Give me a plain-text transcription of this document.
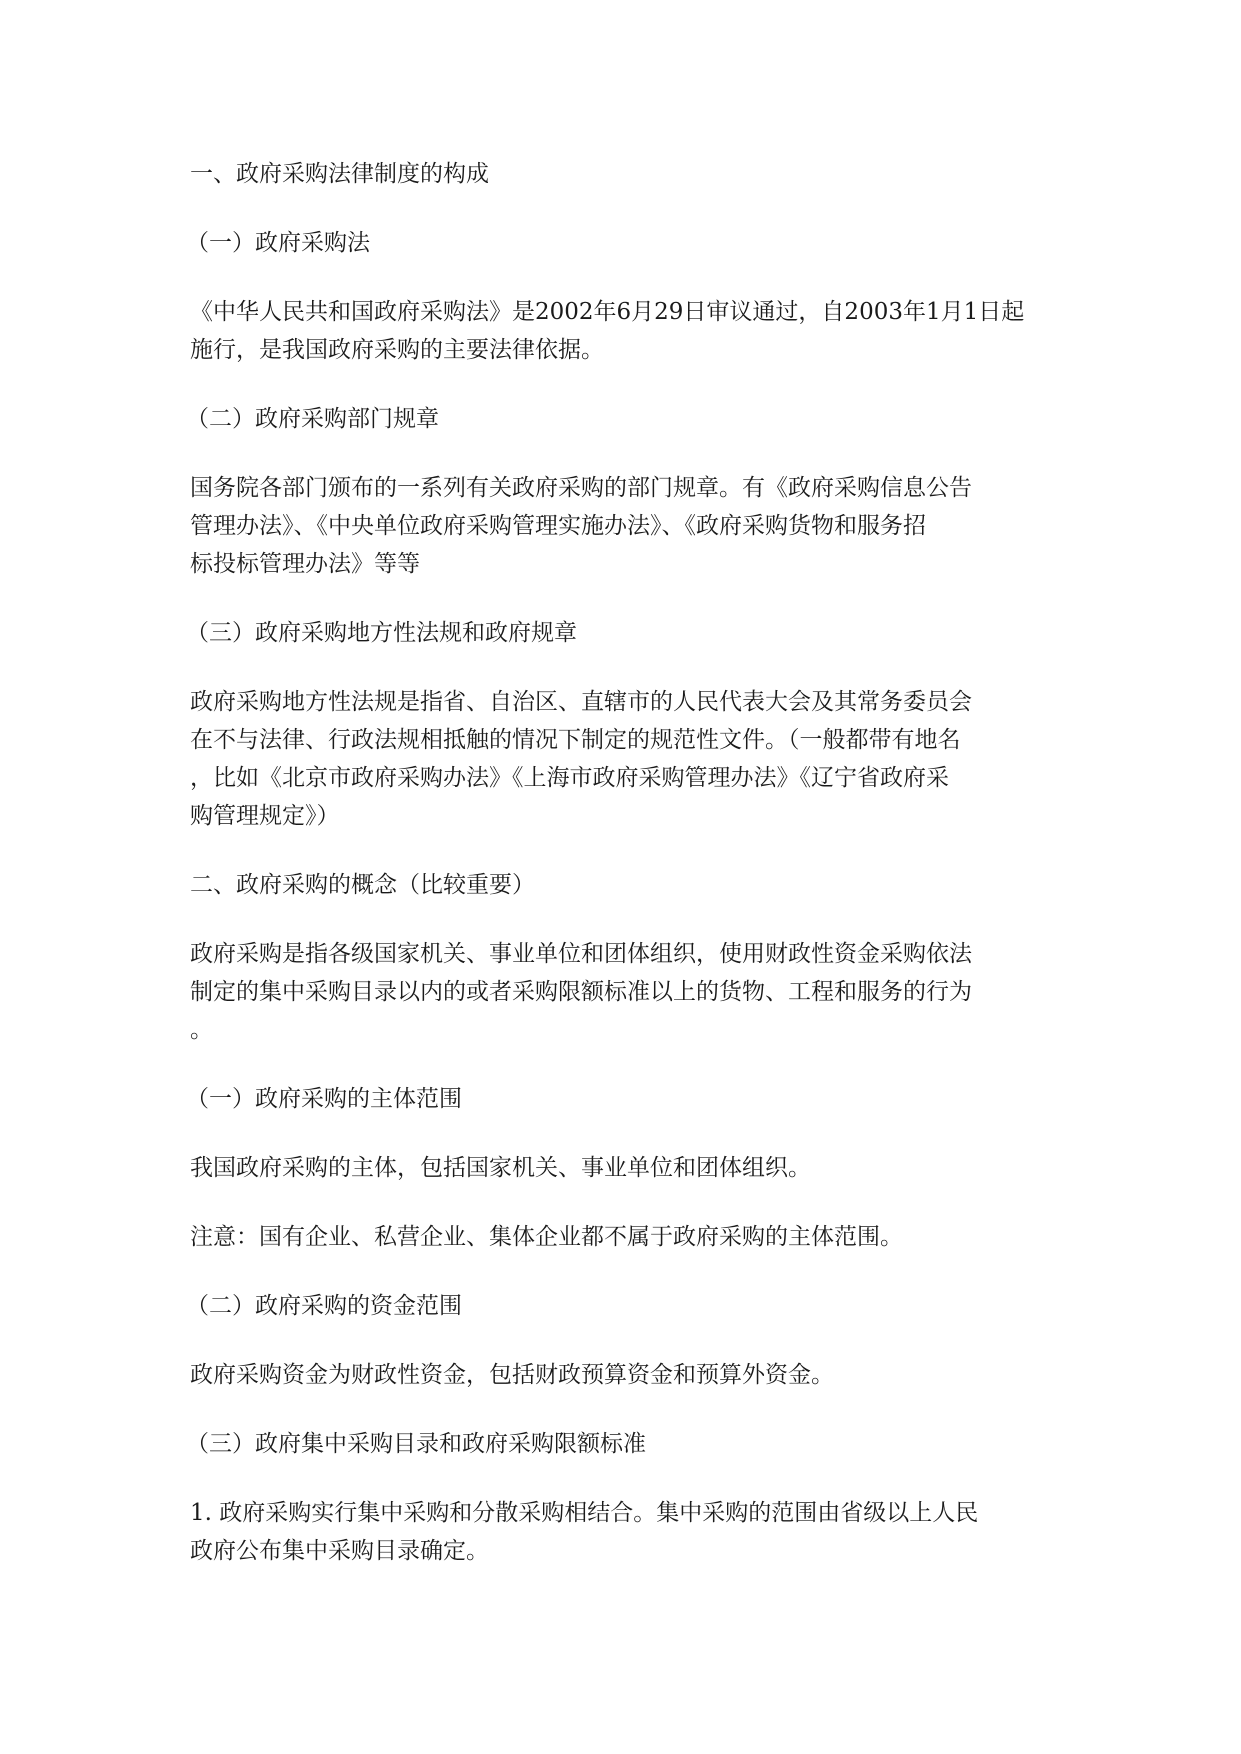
一、政府采购法律制度的构成

（一）政府采购法

《中华人民共和国政府采购法》是2002年6月29日审议通过，自2003年1月1日起
施行，是我国政府采购的主要法律依据。

（二）政府采购部门规章

国务院各部门颁布的一系列有关政府采购的部门规章。有《政府采购信息公告
管理办法》、《中央单位政府采购管理实施办法》、《政府采购货物和服务招
标投标管理办法》等等

（三）政府采购地方性法规和政府规章

政府采购地方性法规是指省、自治区、直辖市的人民代表大会及其常务委员会
在不与法律、行政法规相抵触的情况下制定的规范性文件。（一般都带有地名
，比如《北京市政府采购办法》《上海市政府采购管理办法》《辽宁省政府采
购管理规定》）

二、政府采购的概念（比较重要）

政府采购是指各级国家机关、事业单位和团体组织，使用财政性资金采购依法
制定的集中采购目录以内的或者采购限额标准以上的货物、工程和服务的行为
。

（一）政府采购的主体范围

我国政府采购的主体，包括国家机关、事业单位和团体组织。

注意：国有企业、私营企业、集体企业都不属于政府采购的主体范围。

（二）政府采购的资金范围

政府采购资金为财政性资金，包括财政预算资金和预算外资金。

（三）政府集中采购目录和政府采购限额标准

1. 政府采购实行集中采购和分散采购相结合。集中采购的范围由省级以上人民
政府公布集中采购目录确定。
